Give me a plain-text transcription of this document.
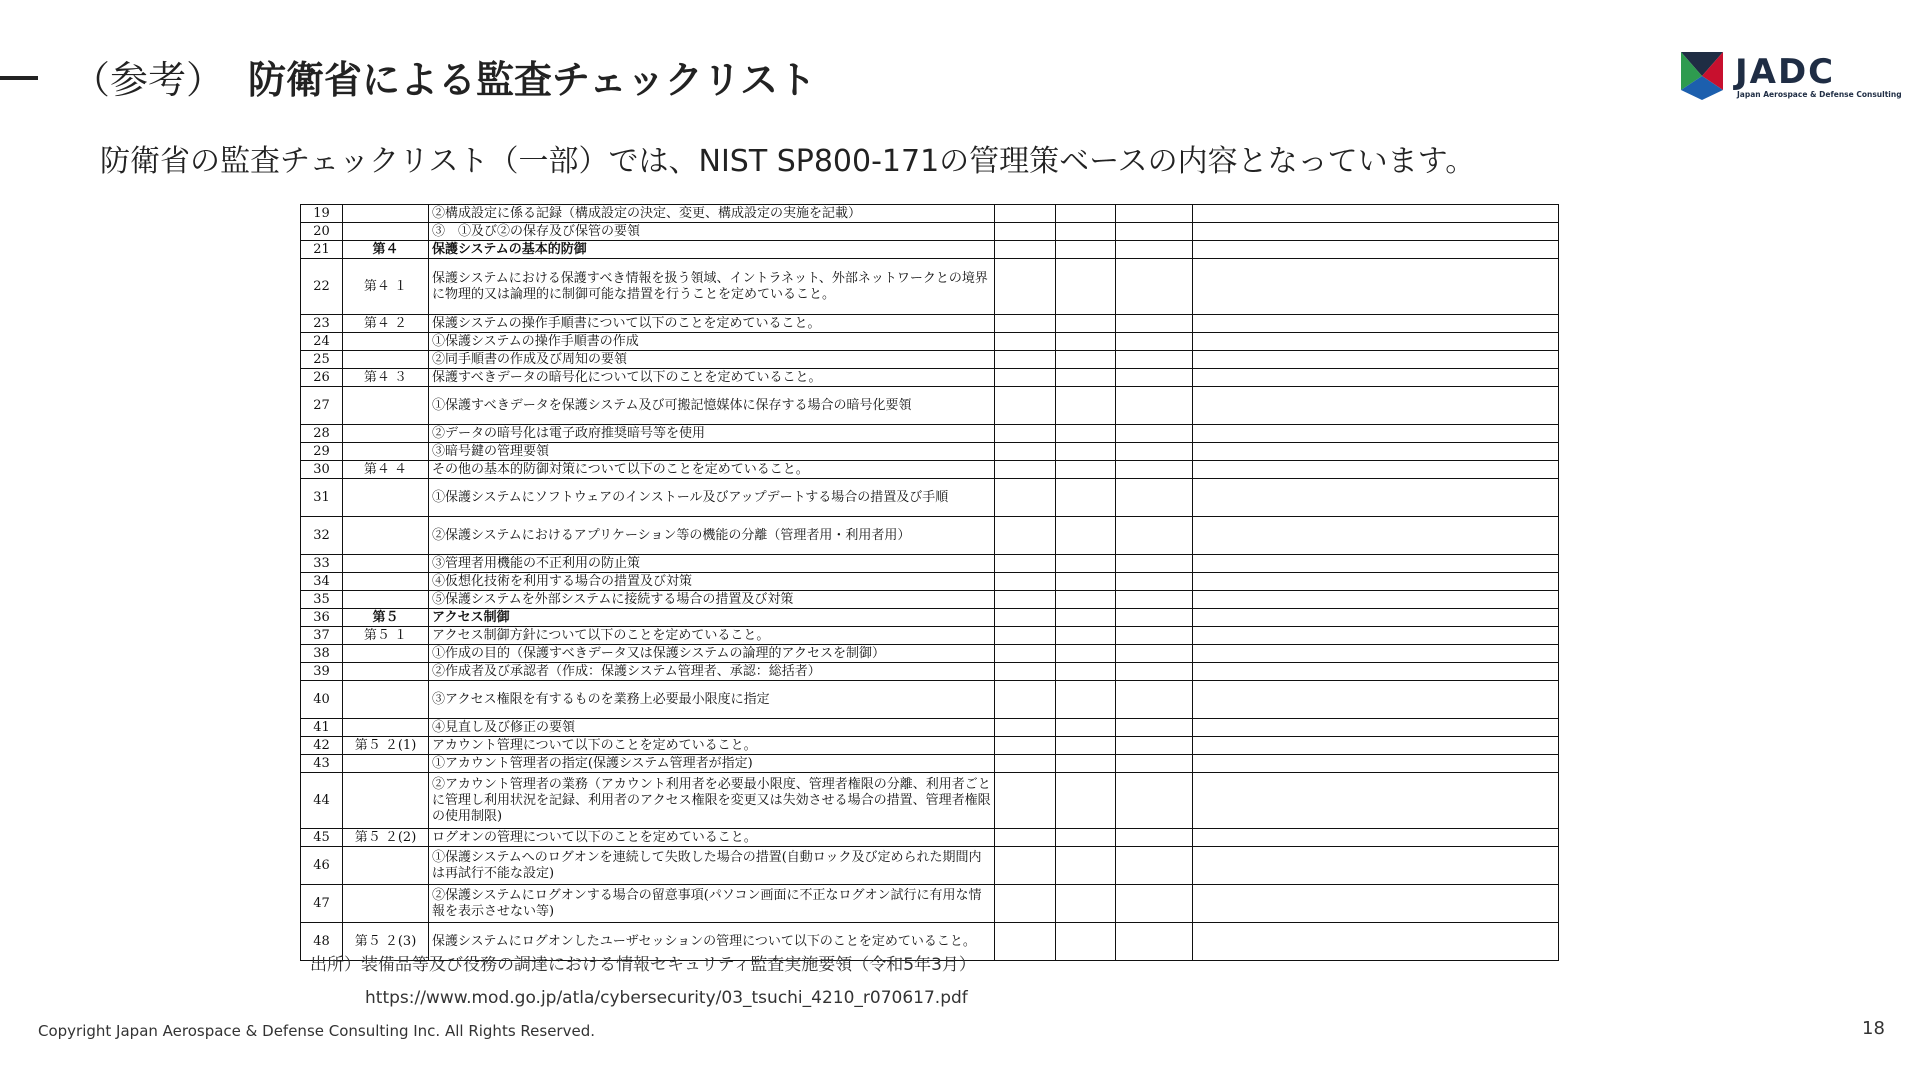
（参考） 防衛省による監査チェックリスト	JADC
Japan Aerospace & Defense Consulting
防衛省の監査チェックリスト（一部）では、NIST SP800-171の管理策ベースの内容となっています。
19		②構成設定に係る記録（構成設定の決定、変更、構成設定の実施を記載）				
20		③　①及び②の保存及び保管の要領				
21	第４	保護システムの基本的防御				
22	第４ １	保護システムにおける保護すべき情報を扱う領域、イントラネット、外部ネットワークとの境界に物理的又は論理的に制御可能な措置を行うことを定めていること。				
23	第４ ２	保護システムの操作手順書について以下のことを定めていること。				
24		①保護システムの操作手順書の作成				
25		②同手順書の作成及び周知の要領				
26	第４ ３	保護すべきデータの暗号化について以下のことを定めていること。				
27		①保護すべきデータを保護システム及び可搬記憶媒体に保存する場合の暗号化要領				
28		②データの暗号化は電子政府推奨暗号等を使用				
29		③暗号鍵の管理要領				
30	第４ ４	その他の基本的防御対策について以下のことを定めていること。				
31		①保護システムにソフトウェアのインストール及びアップデートする場合の措置及び手順				
32		②保護システムにおけるアプリケーション等の機能の分離（管理者用・利用者用）				
33		③管理者用機能の不正利用の防止策				
34		④仮想化技術を利用する場合の措置及び対策				
35		⑤保護システムを外部システムに接続する場合の措置及び対策				
36	第５	アクセス制御				
37	第５ １	アクセス制御方針について以下のことを定めていること。				
38		①作成の目的（保護すべきデータ又は保護システムの論理的アクセスを制御）				
39		②作成者及び承認者（作成：保護システム管理者、承認：総括者）				
40		③アクセス権限を有するものを業務上必要最小限度に指定				
41		④見直し及び修正の要領				
42	第５ ２(1)	アカウント管理について以下のことを定めていること。				
43		①アカウント管理者の指定(保護システム管理者が指定)				
44		②アカウント管理者の業務（アカウント利用者を必要最小限度、管理者権限の分離、利用者ごとに管理し利用状況を記録、利用者のアクセス権限を変更又は失効させる場合の措置、管理者権限の使用制限)				
45	第５ ２(2)	ログオンの管理について以下のことを定めていること。				
46		①保護システムへのログオンを連続して失敗した場合の措置(自動ロック及び定められた期間内は再試行不能な設定)				
47		②保護システムにログオンする場合の留意事項(パソコン画面に不正なログオン試行に有用な情報を表示させない等)				
48	第５ ２(3)	保護システムにログオンしたユーザセッションの管理について以下のことを定めていること。				
出所）装備品等及び役務の調達における情報セキュリティ監査実施要領（令和5年3月）
https://www.mod.go.jp/atla/cybersecurity/03_tsuchi_4210_r070617.pdf
Copyright Japan Aerospace & Defense Consulting Inc. All Rights Reserved.	18
